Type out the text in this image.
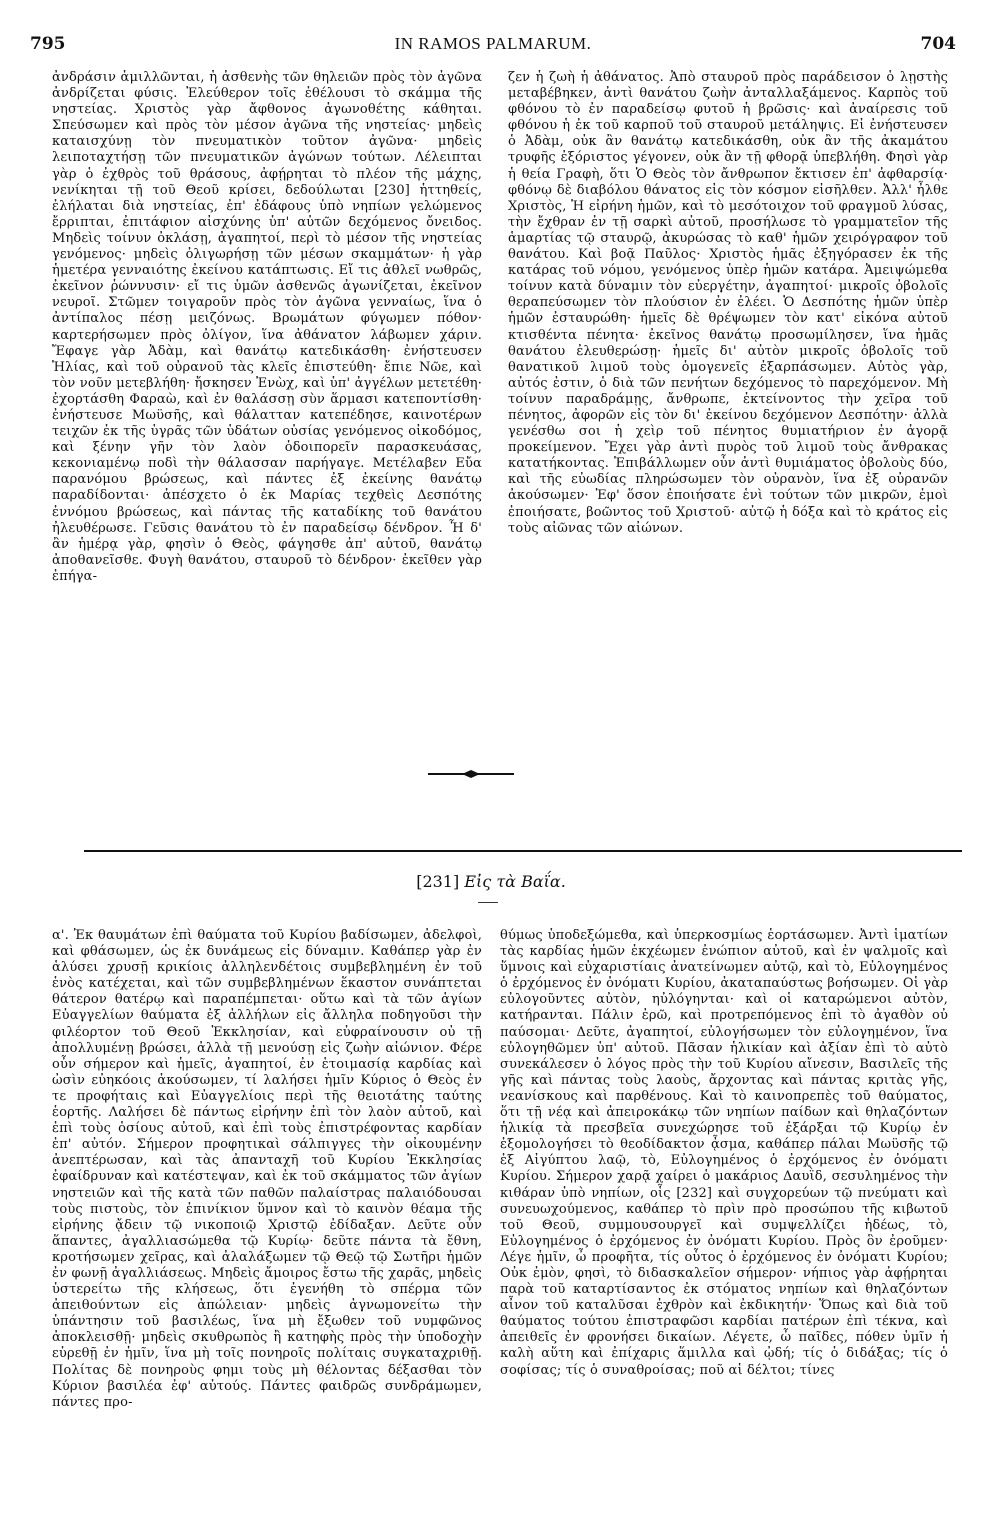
795	IN RAMOS PALMARUM.	704

ἀνδράσιν ἁμιλλῶνται, ἡ ἀσθενὴς τῶν θηλειῶν πρὸς τὸν ἀγῶνα ἀνδρίζεται φύσις. Ἐλεύθερον τοῖς ἐθέλουσι τὸ σκάμμα τῆς νηστείας. Χριστὸς γὰρ ἄφθονος ἀγωνοθέτης κάθηται. Σπεύσωμεν καὶ πρὸς τὸν μέσον ἀγῶνα τῆς νηστείας· μηδεὶς καταισχύνῃ τὸν πνευματικὸν τοῦτον ἀγῶνα· μηδεὶς λειποταχτήσῃ τῶν πνευματικῶν ἀγώνων τούτων. Λέλειπται γὰρ ὁ ἐχθρὸς τοῦ θράσους, ἀφῄρηται τὸ πλέον τῆς μάχης, νενίκηται τῇ τοῦ Θεοῦ κρίσει, δεδούλωται [230] ἡττηθείς, ἐλήλαται διὰ νηστείας, ἐπ' ἐδάφους ὑπὸ νηπίων γελώμενος ἔρριπται, ἐπιτάφιον αἰσχύνης ὑπ' αὐτῶν δεχόμενος ὄνειδος. Μηδεὶς τοίνυν ὀκλάσῃ, ἀγαπητοί, περὶ τὸ μέσον τῆς νηστείας γενόμενος· μηδεὶς ὀλιγωρήσῃ τῶν μέσων σκαμμάτων· ἡ γὰρ ἡμετέρα γενναιότης ἐκείνου κατάπτωσις. Εἴ τις ἀθλεῖ νωθρῶς, ἐκεῖνον ῥώννυσιν· εἴ τις ὑμῶν ἀσθενῶς ἀγωνίζεται, ἐκεῖνον νευροῖ. Στῶμεν τοιγαροῦν πρὸς τὸν ἀγῶνα γενναίως, ἵνα ὁ ἀντίπαλος πέσῃ μειζόνως. Βρωμάτων φύγωμεν πόθον· καρτερήσωμεν πρὸς ὀλίγον, ἵνα ἀθάνατον λάβωμεν χάριν. Ἔφαγε γὰρ Ἀδὰμ, καὶ θανάτῳ κατεδικάσθη· ἐνήστευσεν Ἠλίας, καὶ τοῦ οὐρανοῦ τὰς κλεῖς ἐπιστεύθη· ἔπιε Νῶε, καὶ τὸν νοῦν μετεβλήθη· ἤσκησεν Ἐνὼχ, καὶ ὑπ' ἀγγέλων μετετέθη· ἐχορτάσθη Φαραὼ, καὶ ἐν θαλάσσῃ σὺν ἅρμασι κατεποντίσθη· ἐνήστευσε Μωϋσῆς, καὶ θάλατταν κατεπέδησε, καινοτέρων τειχῶν ἐκ τῆς ὑγρᾶς τῶν ὑδάτων οὐσίας γενόμενος οἰκοδόμος, καὶ ξένην γῆν τὸν λαὸν ὁδοιπορεῖν παρασκευάσας, κεκονιαμένῳ ποδὶ τὴν θάλασσαν παρήγαγε. Μετέλαβεν Εὔα παρανόμου βρώσεως, καὶ πάντες ἐξ ἐκείνης θανάτῳ παραδίδονται· ἀπέσχετο ὁ ἐκ Μαρίας τεχθεὶς Δεσπότης ἐννόμου βρώσεως, καὶ πάντας τῆς καταδίκης τοῦ θανάτου ἠλευθέρωσε. Γεῦσις θανάτου τὸ ἐν παραδείσῳ δένδρον. Ἧ δ' ἂν ἡμέρᾳ γὰρ, φησὶν ὁ Θεὸς, φάγησθε ἀπ' αὐτοῦ, θανάτῳ ἀποθανεῖσθε. Φυγὴ θανάτου, σταυροῦ τὸ δένδρον· ἐκεῖθεν γὰρ ἐπήγα-

ζεν ἡ ζωὴ ἡ ἀθάνατος. Ἀπὸ σταυροῦ πρὸς παράδεισον ὁ λῃστὴς μεταβέβηκεν, ἀντὶ θανάτου ζωὴν ἀνταλλαξάμενος. Καρπὸς τοῦ φθόνου τὸ ἐν παραδείσῳ φυτοῦ ἡ βρῶσις· καὶ ἀναίρεσις τοῦ φθόνου ἡ ἐκ τοῦ καρποῦ τοῦ σταυροῦ μετάληψις. Εἰ ἐνήστευσεν ὁ Ἀδὰμ, οὐκ ἂν θανάτῳ κατεδικάσθη, οὐκ ἂν τῆς ἀκαμάτου τρυφῆς ἐξόριστος γέγονεν, οὐκ ἂν τῇ φθορᾷ ὑπεβλήθη. Φησὶ γὰρ ἡ θεία Γραφὴ, ὅτι Ὁ Θεὸς τὸν ἄνθρωπον ἔκτισεν ἐπ' ἀφθαρσίᾳ· φθόνῳ δὲ διαβόλου θάνατος εἰς τὸν κόσμον εἰσῆλθεν. Ἀλλ' ἦλθε Χριστὸς, Ἡ εἰρήνη ἡμῶν, καὶ τὸ μεσότοιχον τοῦ φραγμοῦ λύσας, τὴν ἔχθραν ἐν τῇ σαρκὶ αὐτοῦ, προσήλωσε τὸ γραμματεῖον τῆς ἁμαρτίας τῷ σταυρῷ, ἀκυρώσας τὸ καθ' ἡμῶν χειρόγραφον τοῦ θανάτου. Καὶ βοᾷ Παῦλος· Χριστὸς ἡμᾶς ἐξηγόρασεν ἐκ τῆς κατάρας τοῦ νόμου, γενόμενος ὑπὲρ ἡμῶν κατάρα. Ἀμειψώμεθα τοίνυν κατὰ δύναμιν τὸν εὐεργέτην, ἀγαπητοί· μικροῖς ὀβολοῖς θεραπεύσωμεν τὸν πλούσιον ἐν ἐλέει. Ὁ Δεσπότης ἡμῶν ὑπὲρ ἡμῶν ἐσταυρώθη· ἡμεῖς δὲ θρέψωμεν τὸν κατ' εἰκόνα αὐτοῦ κτισθέντα πένητα· ἐκεῖνος θανάτῳ προσωμίλησεν, ἵνα ἡμᾶς θανάτου ἐλευθερώσῃ· ἡμεῖς δι' αὐτὸν μικροῖς ὀβολοῖς τοῦ θανατικοῦ λιμοῦ τοὺς ὁμογενεῖς ἐξαρπάσωμεν. Αὐτὸς γὰρ, αὐτός ἐστιν, ὁ διὰ τῶν πενήτων δεχόμενος τὸ παρεχόμενον. Μὴ τοίνυν παραδράμῃς, ἄνθρωπε, ἐκτείνοντος τὴν χεῖρα τοῦ πένητος, ἀφορῶν εἰς τὸν δι' ἐκείνου δεχόμενον Δεσπότην· ἀλλὰ γενέσθω σοι ἡ χεὶρ τοῦ πένητος θυμιατήριον ἐν ἀγορᾷ προκείμενον. Ἔχει γὰρ ἀντὶ πυρὸς τοῦ λιμοῦ τοὺς ἄνθρακας κατατήκοντας. Ἐπιβάλλωμεν οὖν ἀντὶ θυμιάματος ὀβολοὺς δύο, καὶ τῆς εὐωδίας πληρώσωμεν τὸν οὐρανὸν, ἵνα ἐξ οὐρανῶν ἀκούσωμεν· Ἐφ' ὅσον ἐποιήσατε ἑνὶ τούτων τῶν μικρῶν, ἐμοὶ ἐποιήσατε, βοῶντος τοῦ Χριστοῦ· αὐτῷ ἡ δόξα καὶ τὸ κράτος εἰς τοὺς αἰῶνας τῶν αἰώνων.

[231] Εἰς τὰ Βαΐα.

α'. Ἐκ θαυμάτων ἐπὶ θαύματα τοῦ Κυρίου βαδίσωμεν, ἀδελφοὶ, καὶ φθάσωμεν, ὡς ἐκ δυνάμεως εἰς δύναμιν. Καθάπερ γὰρ ἐν ἁλύσει χρυσῇ κρικίοις ἀλληλενδέτοις συμβεβλημένη ἐν τοῦ ἑνὸς κατέχεται, καὶ τῶν συμβεβλημένων ἕκαστον συνάπτεται θάτερον θατέρῳ καὶ παραπέμπεται· οὕτω καὶ τὰ τῶν ἁγίων Εὐαγγελίων θαύματα ἐξ ἀλλήλων εἰς ἄλληλα ποδηγοῦσι τὴν φιλέορτον τοῦ Θεοῦ Ἐκκλησίαν, καὶ εὐφραίνουσιν οὐ τῇ ἀπολλυμένῃ βρώσει, ἀλλὰ τῇ μενούσῃ εἰς ζωὴν αἰώνιον. Φέρε οὖν σήμερον καὶ ἡμεῖς, ἀγαπητοί, ἐν ἑτοιμασίᾳ καρδίας καὶ ὠσὶν εὐηκόοις ἀκούσωμεν, τί λαλήσει ἡμῖν Κύριος ὁ Θεὸς ἐν τε προφήταις καὶ Εὐαγγελίοις περὶ τῆς θειοτάτης ταύτης ἑορτῆς. Λαλήσει δὲ πάντως εἰρήνην ἐπὶ τὸν λαὸν αὐτοῦ, καὶ ἐπὶ τοὺς ὁσίους αὐτοῦ, καὶ ἐπὶ τοὺς ἐπιστρέφοντας καρδίαν ἐπ' αὐτόν. Σήμερον προφητικαὶ σάλπιγγες τὴν οἰκουμένην ἀνεπτέρωσαν, καὶ τὰς ἀπανταχῆ τοῦ Κυρίου Ἐκκλησίας ἐφαίδρυναν καὶ κατέστεψαν, καὶ ἐκ τοῦ σκάμματος τῶν ἁγίων νηστειῶν καὶ τῆς κατὰ τῶν παθῶν παλαίστρας παλαιόδουσαι τοὺς πιστοὺς, τὸν ἐπινίκιον ὕμνον καὶ τὸ καινὸν θέαμα τῆς εἰρήνης ᾄδειν τῷ νικοποιῷ Χριστῷ ἐδίδαξαν. Δεῦτε οὖν ἅπαντες, ἀγαλλιασώμεθα τῷ Κυρίῳ· δεῦτε πάντα τὰ ἔθνη, κροτήσωμεν χεῖρας, καὶ ἀλαλάξωμεν τῷ Θεῷ τῷ Σωτῆρι ἡμῶν ἐν φωνῇ ἀγαλλιάσεως. Μηδεὶς ἄμοιρος ἔστω τῆς χαρᾶς, μηδεὶς ὑστερείτω τῆς κλήσεως, ὅτι ἐγενήθη τὸ σπέρμα τῶν ἀπειθούντων εἰς ἀπώλειαν· μηδεὶς ἀγνωμονείτω τὴν ὑπάντησιν τοῦ βασιλέως, ἵνα μὴ ἔξωθεν τοῦ νυμφῶνος ἀποκλεισθῇ· μηδεὶς σκυθρωπὸς ἢ κατηφὴς πρὸς τὴν ὑποδοχὴν εὑρεθῇ ἐν ἡμῖν, ἵνα μὴ τοῖς πονηροῖς πολίταις συγκαταχριθῇ. Πολίτας δὲ πονηροὺς φημι τοὺς μὴ θέλοντας δέξασθαι τὸν Κύριον βασιλέα ἐφ' αὐτούς. Πάντες φαιδρῶς συνδράμωμεν, πάντες προ-

θύμως ὑποδεξώμεθα, καὶ ὑπερκοσμίως ἑορτάσωμεν. Ἀντὶ ἱματίων τὰς καρδίας ἡμῶν ἐκχέωμεν ἐνώπιον αὐτοῦ, καὶ ἐν ψαλμοῖς καὶ ὕμνοις καὶ εὐχαριστίαις ἀνατείνωμεν αὐτῷ, καὶ τὸ, Εὐλογημένος ὁ ἐρχόμενος ἐν ὀνόματι Κυρίου, ἀκαταπαύστως βοήσωμεν. Οἱ γὰρ εὐλογοῦντες αὐτὸν, ηὐλόγηνται· καὶ οἱ καταρώμενοι αὐτὸν, κατήρανται. Πάλιν ἐρῶ, καὶ προτρεπόμενος ἐπὶ τὸ ἀγαθὸν οὐ παύσομαι· Δεῦτε, ἀγαπητοί, εὐλογήσωμεν τὸν εὐλογημένον, ἵνα εὐλογηθῶμεν ὑπ' αὐτοῦ. Πᾶσαν ἡλικίαν καὶ ἀξίαν ἐπὶ τὸ αὐτὸ συνεκάλεσεν ὁ λόγος πρὸς τὴν τοῦ Κυρίου αἴνεσιν, Βασιλεῖς τῆς γῆς καὶ πάντας τοὺς λαοὺς, ἄρχοντας καὶ πάντας κριτὰς γῆς, νεανίσκους καὶ παρθένους. Καὶ τὸ καινοπρεπὲς τοῦ θαύματος, ὅτι τῇ νέᾳ καὶ ἀπειροκάκῳ τῶν νηπίων παίδων καὶ θηλαζόντων ἡλικίᾳ τὰ πρεσβεῖα συνεχώρησε τοῦ ἐξάρξαι τῷ Κυρίῳ ἐν ἐξομολογήσει τὸ θεοδίδακτον ᾆσμα, καθάπερ πάλαι Μωϋσῆς τῷ ἐξ Αἰγύπτου λαῷ, τὸ, Εὐλογημένος ὁ ἐρχόμενος ἐν ὀνόματι Κυρίου. Σήμερον χαρᾷ χαίρει ὁ μακάριος Δαυῒδ, σεσυλημένος τὴν κιθάραν ὑπὸ νηπίων, οἷς [232] καὶ συγχορεύων τῷ πνεύματι καὶ συνευωχούμενος, καθάπερ τὸ πρὶν πρὸ προσώπου τῆς κιβωτοῦ τοῦ Θεοῦ, συμμουσουργεῖ καὶ συμψελλίζει ἡδέως, τὸ, Εὐλογημένος ὁ ἐρχόμενος ἐν ὀνόματι Κυρίου. Πρὸς ὃν ἐροῦμεν· Λέγε ἡμῖν, ὦ προφῆτα, τίς οὗτος ὁ ἐρχόμενος ἐν ὀνόματι Κυρίου; Οὐκ ἐμὸν, φησὶ, τὸ διδασκαλεῖον σήμερον· νήπιος γὰρ ἀφῄρηται παρὰ τοῦ καταρτίσαντος ἐκ στόματος νηπίων καὶ θηλαζόντων αἶνον τοῦ καταλῦσαι ἐχθρὸν καὶ ἐκδικητήν· Ὅπως καὶ διὰ τοῦ θαύματος τούτου ἐπιστραφῶσι καρδίαι πατέρων ἐπὶ τέκνα, καὶ ἀπειθεῖς ἐν φρονήσει δικαίων. Λέγετε, ὦ παῖδες, πόθεν ὑμῖν ἡ καλὴ αὕτη καὶ ἐπίχαρις ἅμιλλα καὶ ᾠδή; τίς ὁ διδάξας; τίς ὁ σοφίσας; τίς ὁ συναθροίσας; ποῦ αἱ δέλτοι; τίνες
